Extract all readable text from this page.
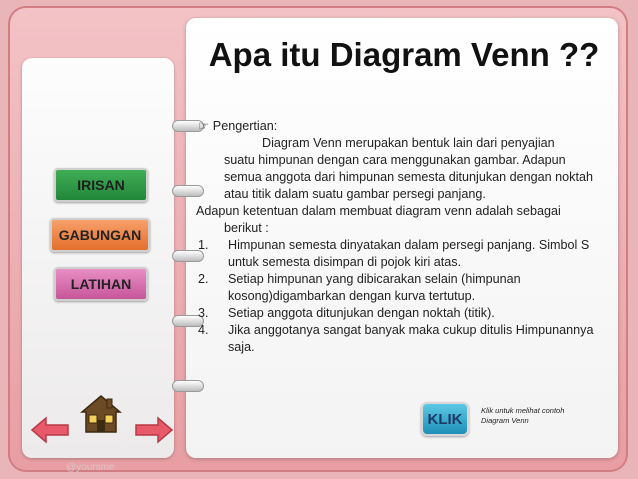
Apa itu Diagram Venn ??
IRISAN
GABUNGAN
LATIHAN

☞ Pengertian:

Diagram Venn merupakan bentuk lain dari penyajian

suatu himpunan dengan cara menggunakan gambar. Adapun semua anggota dari himpunan semesta ditunjukan dengan noktah atau titik dalam suatu gambar persegi panjang.

Adapun ketentuan dalam membuat diagram venn adalah sebagai

berikut :

1.	Himpunan semesta dinyatakan dalam persegi panjang. Simbol S untuk semesta disimpan di pojok kiri atas.
2.	Setiap himpunan yang dibicarakan selain (himpunan kosong)digambarkan dengan kurva tertutup.
3.	Setiap anggota ditunjukan dengan noktah (titik).
4.	Jika anggotanya sangat banyak maka cukup ditulis Himpunannya saja.
KLIK	Klik untuk melihat contoh Diagram Venn
@yoursme
